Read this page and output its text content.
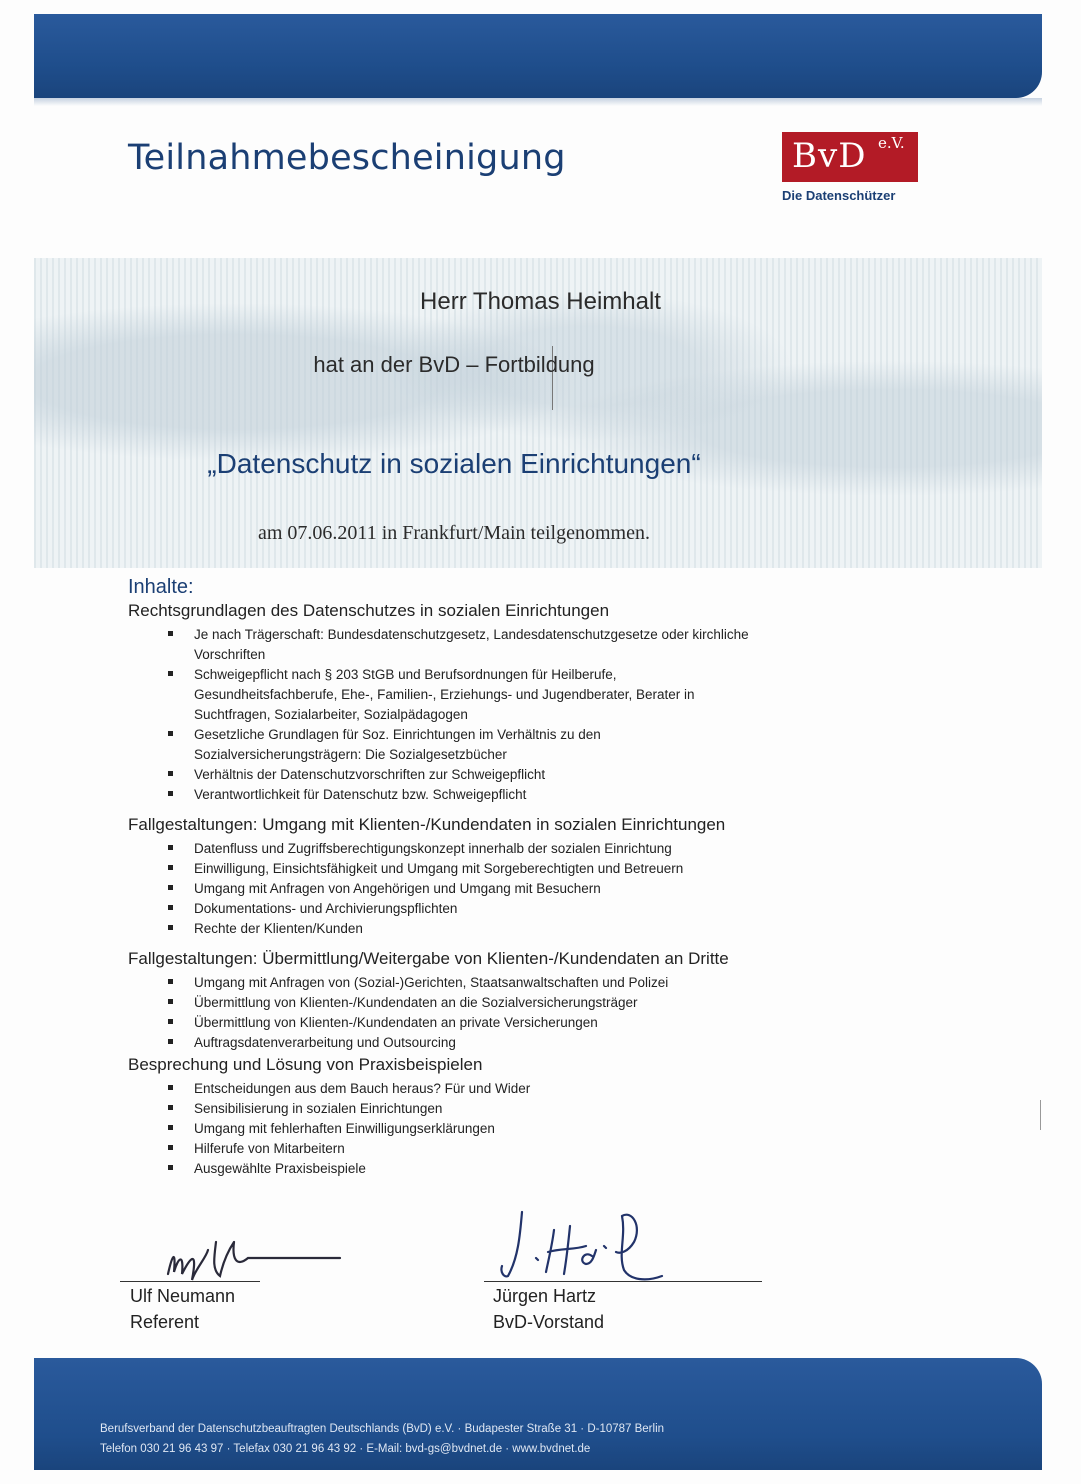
Teilnahmebescheinigung	BvD e.V.
Die Datenschützer
Herr Thomas Heimhalt
hat an der BvD – Fortbildung
„Datenschutz in sozialen Einrichtungen“
am 07.06.2011 in Frankfurt/Main teilgenommen.
Inhalte:
Rechtsgrundlagen des Datenschutzes in sozialen Einrichtungen
Je nach Trägerschaft: Bundesdatenschutzgesetz, Landesdatenschutzgesetze oder kirchliche Vorschriften
Schweigepflicht nach § 203 StGB und Berufsordnungen für Heilberufe, Gesundheitsfachberufe, Ehe-, Familien-, Erziehungs- und Jugendberater, Berater in Suchtfragen, Sozialarbeiter, Sozialpädagogen
Gesetzliche Grundlagen für Soz. Einrichtungen im Verhältnis zu den Sozialversicherungsträgern: Die Sozialgesetzbücher
Verhältnis der Datenschutzvorschriften zur Schweigepflicht
Verantwortlichkeit für Datenschutz bzw. Schweigepflicht
Fallgestaltungen: Umgang mit Klienten-/Kundendaten in sozialen Einrichtungen
Datenfluss und Zugriffsberechtigungskonzept innerhalb der sozialen Einrichtung
Einwilligung, Einsichtsfähigkeit und Umgang mit Sorgeberechtigten und Betreuern
Umgang mit Anfragen von Angehörigen und Umgang mit Besuchern
Dokumentations- und Archivierungspflichten
Rechte der Klienten/Kunden
Fallgestaltungen: Übermittlung/Weitergabe von Klienten-/Kundendaten an Dritte
Umgang mit Anfragen von (Sozial-)Gerichten, Staatsanwaltschaften und Polizei
Übermittlung von Klienten-/Kundendaten an die Sozialversicherungsträger
Übermittlung von Klienten-/Kundendaten an private Versicherungen
Auftragsdatenverarbeitung und Outsourcing
Besprechung und Lösung von Praxisbeispielen
Entscheidungen aus dem Bauch heraus? Für und Wider
Sensibilisierung in sozialen Einrichtungen
Umgang mit fehlerhaften Einwilligungserklärungen
Hilferufe von Mitarbeitern
Ausgewählte Praxisbeispiele
Ulf Neumann
Referent
Jürgen Hartz
BvD-Vorstand
Berufsverband der Datenschutzbeauftragten Deutschlands (BvD) e.V. · Budapester Straße 31 · D-10787 Berlin
Telefon 030 21 96 43 97 · Telefax 030 21 96 43 92 · E-Mail: bvd-gs@bvdnet.de · www.bvdnet.de
